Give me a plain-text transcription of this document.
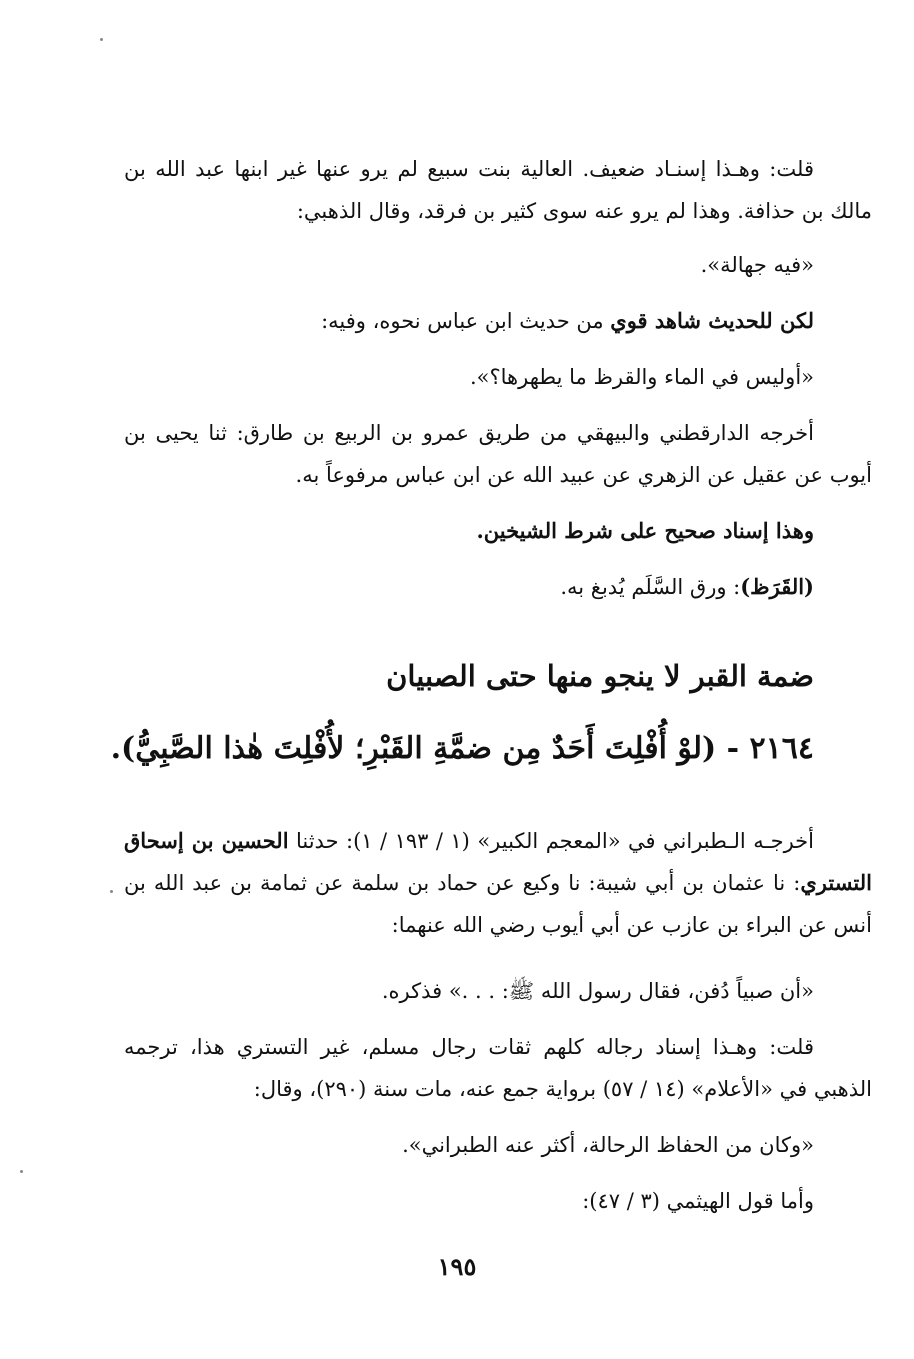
قلت: وهـذا إسنـاد ضعيف. العالية بنت سبيع لم يرو عنها غير ابنها عبد الله بن مالك بن حذافة. وهذا لم يرو عنه سوى كثير بن فرقد، وقال الذهبي:
«فيه جهالة».
لكن للحديث شاهد قوي من حديث ابن عباس نحوه، وفيه:
«أوليس في الماء والقرظ ما يطهرها؟».
أخرجه الدارقطني والبيهقي من طريق عمرو بن الربيع بن طارق: ثنا يحيى بن أيوب عن عقيل عن الزهري عن عبيد الله عن ابن عباس مرفوعاً به.
وهذا إسناد صحيح على شرط الشيخين.
(القَرَظ): ورق السَّلَم يُدبغ به.
ضمة القبر لا ينجو منها حتى الصبيان
٢١٦٤ - (لوْ أُفْلِتَ أَحَدٌ مِن ضمَّةِ القَبْرِ؛ لأُفْلِتَ هٰذا الصَّبِيُّ).
أخرجـه الـطبراني في «المعجم الكبير» (١ / ١٩٣ / ١): حدثنا الحسين بن إسحاق التستري: نا عثمان بن أبي شيبة: نا وكيع عن حماد بن سلمة عن ثمامة بن عبد الله بن أنس عن البراء بن عازب عن أبي أيوب رضي الله عنهما:
«أن صبياً دُفن، فقال رسول الله ﷺ: . . .» فذكره.
قلت: وهـذا إسناد رجاله كلهم ثقات رجال مسلم، غير التستري هذا، ترجمه الذهبي في «الأعلام» (١٤ / ٥٧) برواية جمع عنه، مات سنة (٢٩٠)، وقال:
«وكان من الحفاظ الرحالة، أكثر عنه الطبراني».
وأما قول الهيثمي (٣ / ٤٧):
١٩٥
